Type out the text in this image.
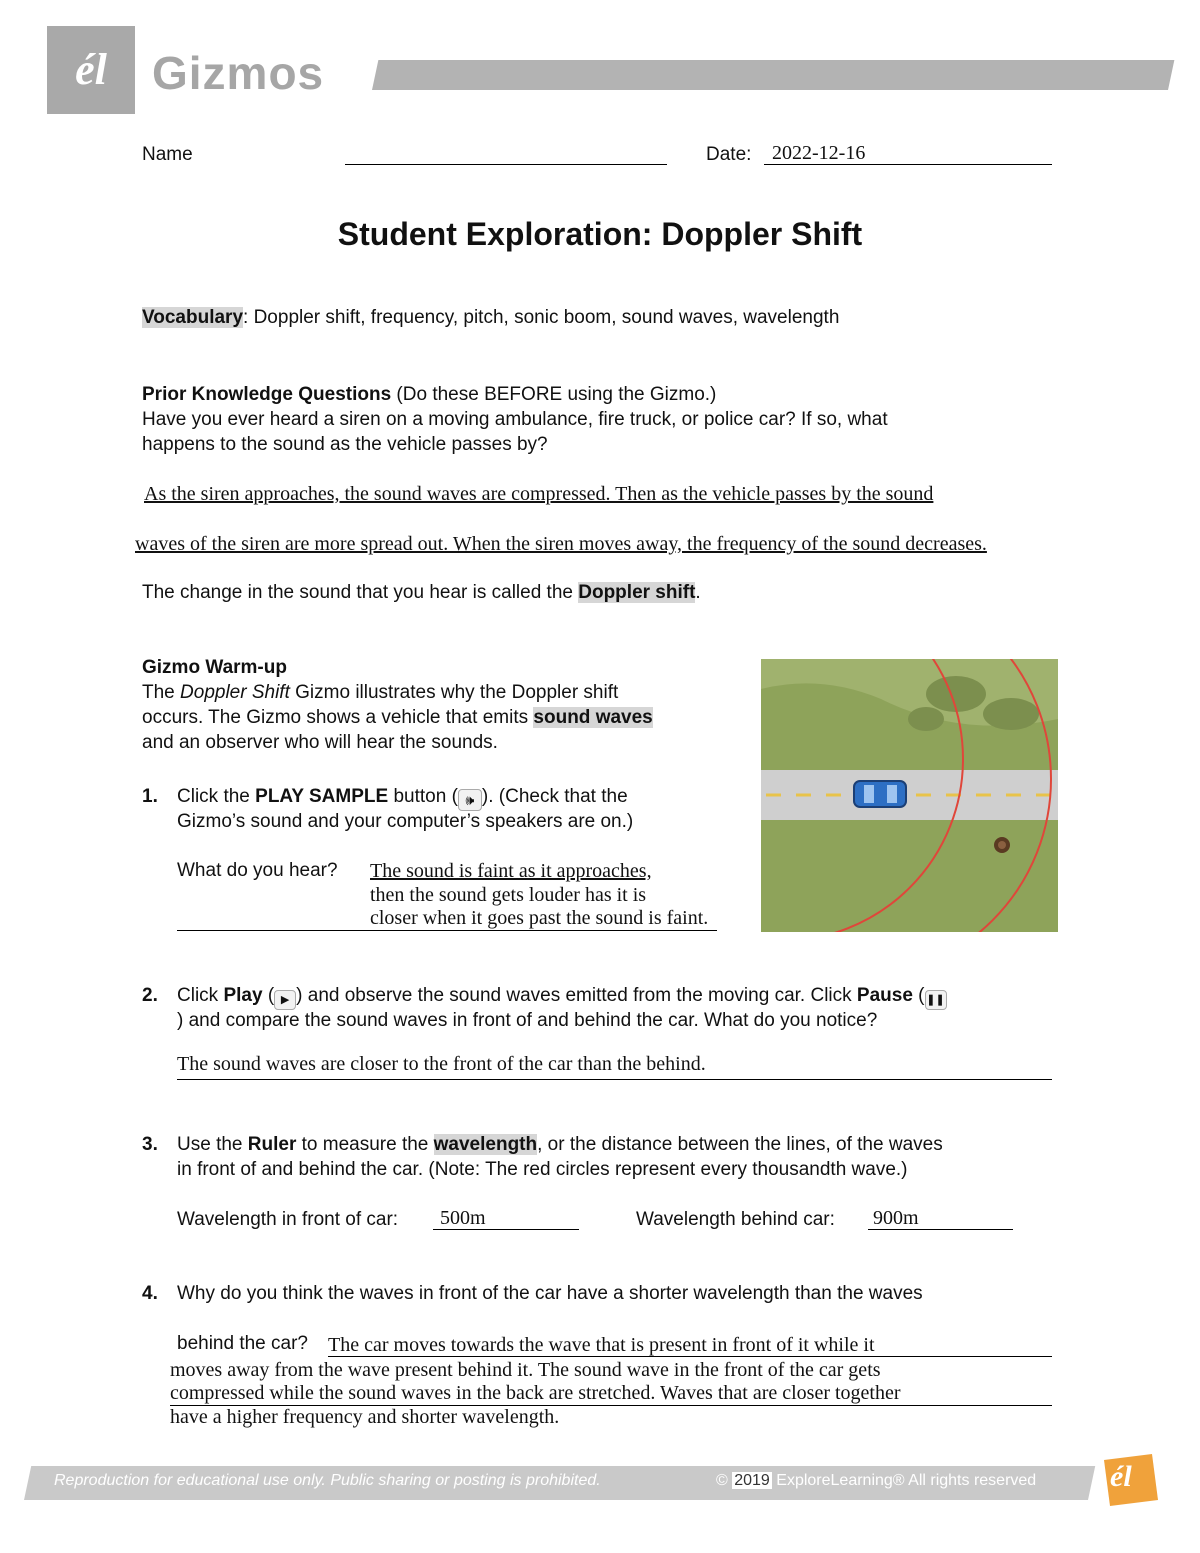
él Gizmos
Name	Date: 2022-12-16
Student Exploration: Doppler Shift
Vocabulary: Doppler shift, frequency, pitch, sonic boom, sound waves, wavelength
Prior Knowledge Questions (Do these BEFORE using the Gizmo.)
Have you ever heard a siren on a moving ambulance, fire truck, or police car? If so, what
happens to the sound as the vehicle passes by?
As the siren approaches, the sound waves are compressed. Then as the vehicle passes by the sound
waves of the siren are more spread out. When the siren moves away, the frequency of the sound decreases.
The change in the sound that you hear is called the Doppler shift.
Gizmo Warm-up
The Doppler Shift Gizmo illustrates why the Doppler shift
occurs. The Gizmo shows a vehicle that emits sound waves
and an observer who will hear the sounds.
1. Click the PLAY SAMPLE button ( 🕪 ). (Check that the
Gizmo’s sound and your computer’s speakers are on.)
What do you hear? The sound is faint as it approaches,
then the sound gets louder has it is
closer when it goes past the sound is faint.
2. Click Play ( ▶ ) and observe the sound waves emitted from the moving car. Click Pause ( ❚❚
) and compare the sound waves in front of and behind the car. What do you notice?
The sound waves are closer to the front of the car than the behind.
3. Use the Ruler to measure the wavelength, or the distance between the lines, of the waves
in front of and behind the car. (Note: The red circles represent every thousandth wave.)
Wavelength in front of car: 500m	Wavelength behind car: 900m
4. Why do you think the waves in front of the car have a shorter wavelength than the waves
behind the car? The car moves towards the wave that is present in front of it while it
moves away from the wave present behind it. The sound wave in the front of the car gets
compressed while the sound waves in the back are stretched. Waves that are closer together
have a higher frequency and shorter wavelength.
Reproduction for educational use only. Public sharing or posting is prohibited.	© 2019 ExploreLearning® All rights reserved él
